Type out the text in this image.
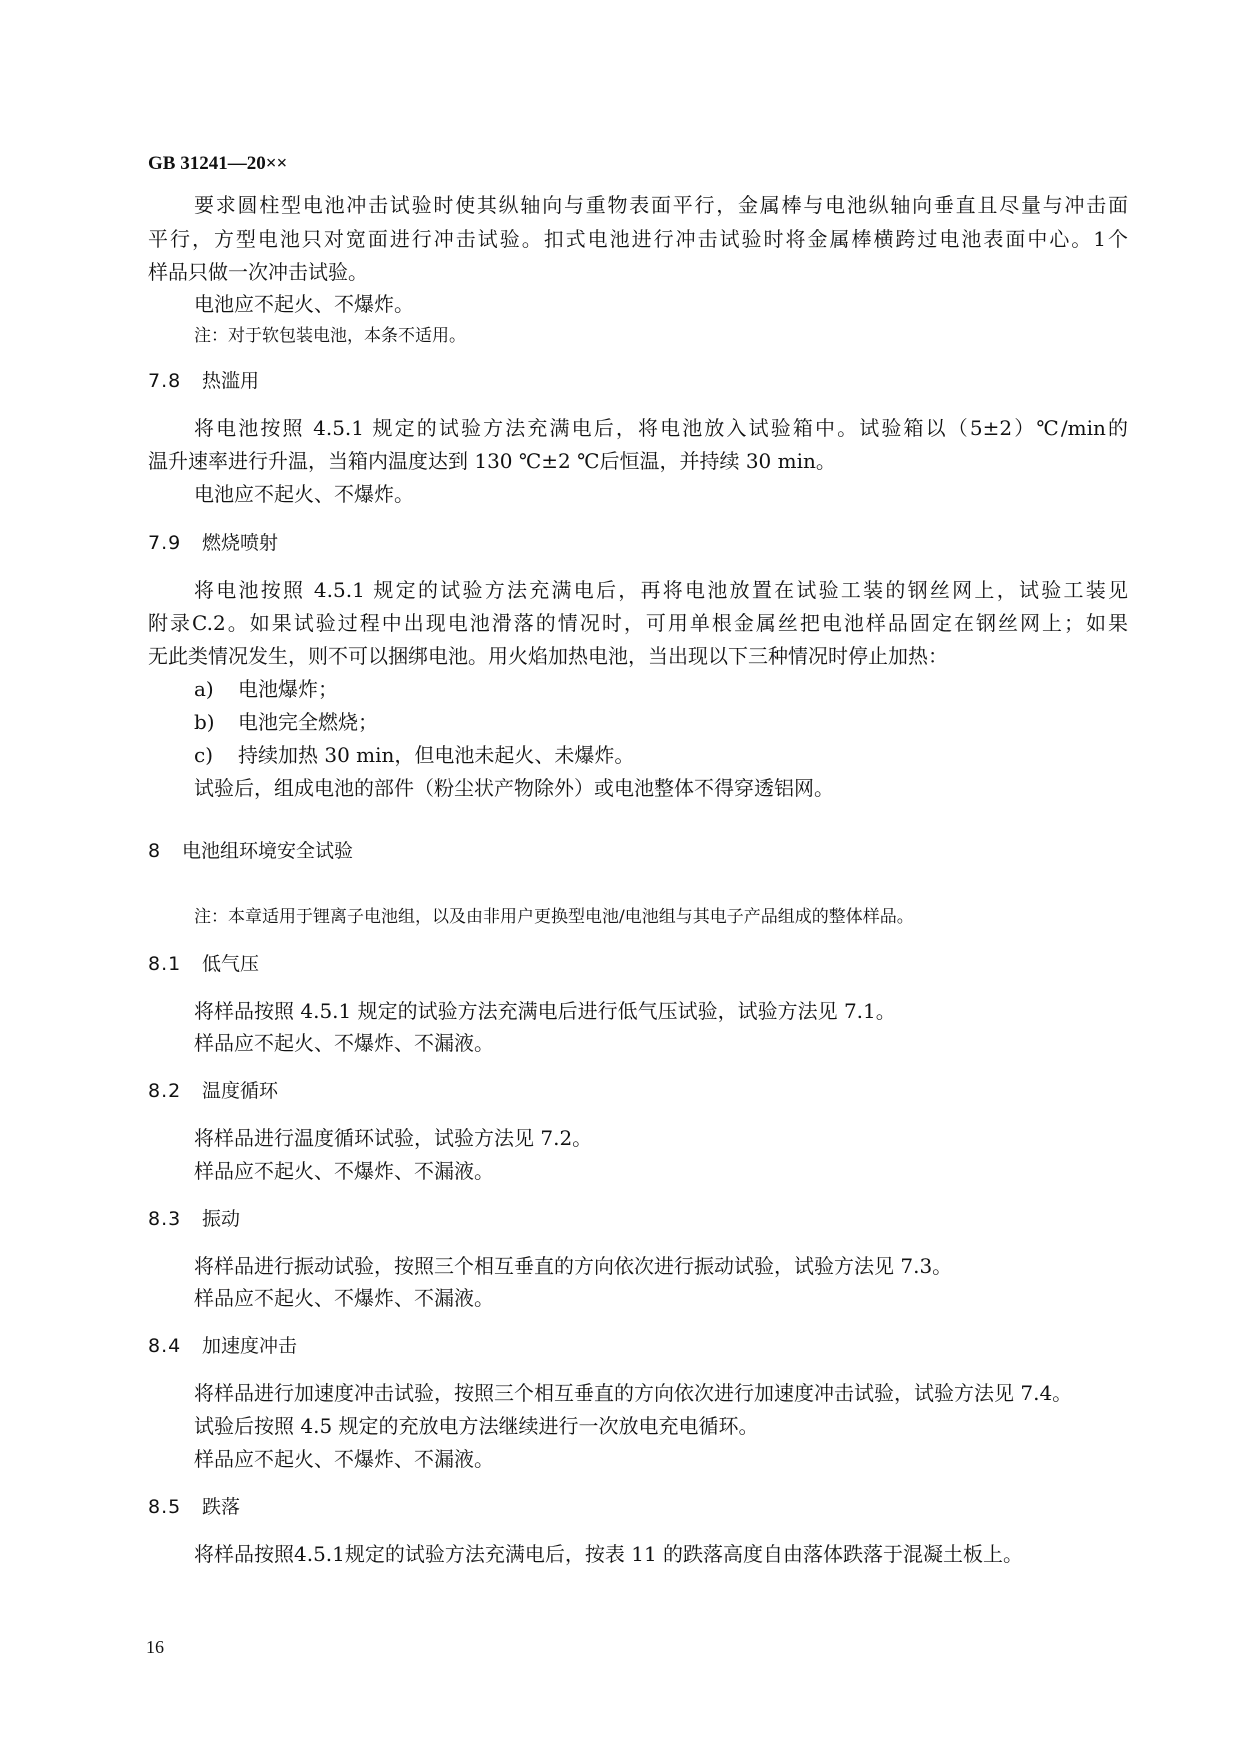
GB 31241—20××
要求圆柱型电池冲击试验时使其纵轴向与重物表面平行，金属棒与电池纵轴向垂直且尽量与冲击面
平行，方型电池只对宽面进行冲击试验。扣式电池进行冲击试验时将金属棒横跨过电池表面中心。1个
样品只做一次冲击试验。
电池应不起火、不爆炸。
注：对于软包装电池，本条不适用。
7.8 热滥用
将电池按照 4.5.1 规定的试验方法充满电后，将电池放入试验箱中。试验箱以（5±2）℃/min的
温升速率进行升温，当箱内温度达到 130 ℃±2 ℃后恒温，并持续 30 min。
电池应不起火、不爆炸。
7.9 燃烧喷射
将电池按照 4.5.1 规定的试验方法充满电后，再将电池放置在试验工装的钢丝网上，试验工装见
附录C.2。如果试验过程中出现电池滑落的情况时，可用单根金属丝把电池样品固定在钢丝网上；如果
无此类情况发生，则不可以捆绑电池。用火焰加热电池，当出现以下三种情况时停止加热：
a) 电池爆炸；
b) 电池完全燃烧；
c) 持续加热 30 min，但电池未起火、未爆炸。
试验后，组成电池的部件（粉尘状产物除外）或电池整体不得穿透铝网。
8 电池组环境安全试验
注：本章适用于锂离子电池组，以及由非用户更换型电池/电池组与其电子产品组成的整体样品。
8.1 低气压
将样品按照 4.5.1 规定的试验方法充满电后进行低气压试验，试验方法见 7.1。
样品应不起火、不爆炸、不漏液。
8.2 温度循环
将样品进行温度循环试验，试验方法见 7.2。
样品应不起火、不爆炸、不漏液。
8.3 振动
将样品进行振动试验，按照三个相互垂直的方向依次进行振动试验，试验方法见 7.3。
样品应不起火、不爆炸、不漏液。
8.4 加速度冲击
将样品进行加速度冲击试验，按照三个相互垂直的方向依次进行加速度冲击试验，试验方法见 7.4。
试验后按照 4.5 规定的充放电方法继续进行一次放电充电循环。
样品应不起火、不爆炸、不漏液。
8.5 跌落
将样品按照4.5.1规定的试验方法充满电后，按表 11 的跌落高度自由落体跌落于混凝土板上。
16
